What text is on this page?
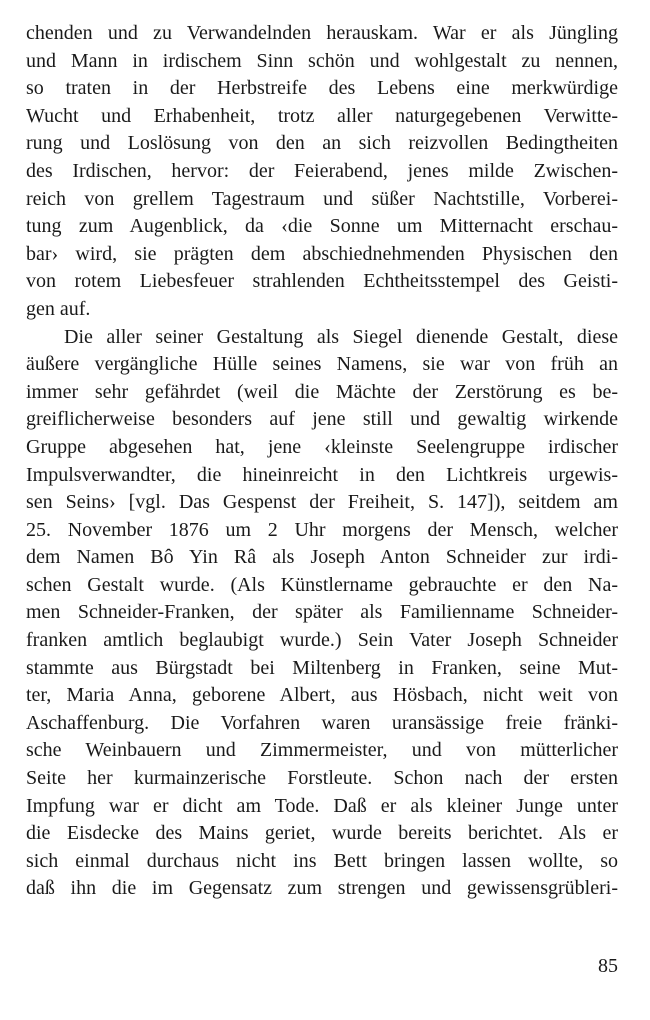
chenden und zu Verwandelnden herauskam. War er als Jüngling
und Mann in irdischem Sinn schön und wohlgestalt zu nennen,
so traten in der Herbstreife des Lebens eine merkwürdige
Wucht und Erhabenheit, trotz aller naturgegebenen Verwitte-
rung und Loslösung von den an sich reizvollen Bedingtheiten
des Irdischen, hervor: der Feierabend, jenes milde Zwischen-
reich von grellem Tagestraum und süßer Nachtstille, Vorberei-
tung zum Augenblick, da ‹die Sonne um Mitternacht erschau-
bar› wird, sie prägten dem abschiednehmenden Physischen den
von rotem Liebesfeuer strahlenden Echtheitsstempel des Geisti-
gen auf.
Die aller seiner Gestaltung als Siegel dienende Gestalt, diese
äußere vergängliche Hülle seines Namens, sie war von früh an
immer sehr gefährdet (weil die Mächte der Zerstörung es be-
greiflicherweise besonders auf jene still und gewaltig wirkende
Gruppe abgesehen hat, jene ‹kleinste Seelengruppe irdischer
Impulsverwandter, die hineinreicht in den Lichtkreis urgewis-
sen Seins› [vgl. Das Gespenst der Freiheit, S. 147]), seitdem am
25. November 1876 um 2 Uhr morgens der Mensch, welcher
dem Namen Bô Yin Râ als Joseph Anton Schneider zur irdi-
schen Gestalt wurde. (Als Künstlername gebrauchte er den Na-
men Schneider-Franken, der später als Familienname Schneider-
franken amtlich beglaubigt wurde.) Sein Vater Joseph Schneider
stammte aus Bürgstadt bei Miltenberg in Franken, seine Mut-
ter, Maria Anna, geborene Albert, aus Hösbach, nicht weit von
Aschaffenburg. Die Vorfahren waren uransässige freie fränki-
sche Weinbauern und Zimmermeister, und von mütterlicher
Seite her kurmainzerische Forstleute. Schon nach der ersten
Impfung war er dicht am Tode. Daß er als kleiner Junge unter
die Eisdecke des Mains geriet, wurde bereits berichtet. Als er
sich einmal durchaus nicht ins Bett bringen lassen wollte, so
daß ihn die im Gegensatz zum strengen und gewissensgrübleri-
85
